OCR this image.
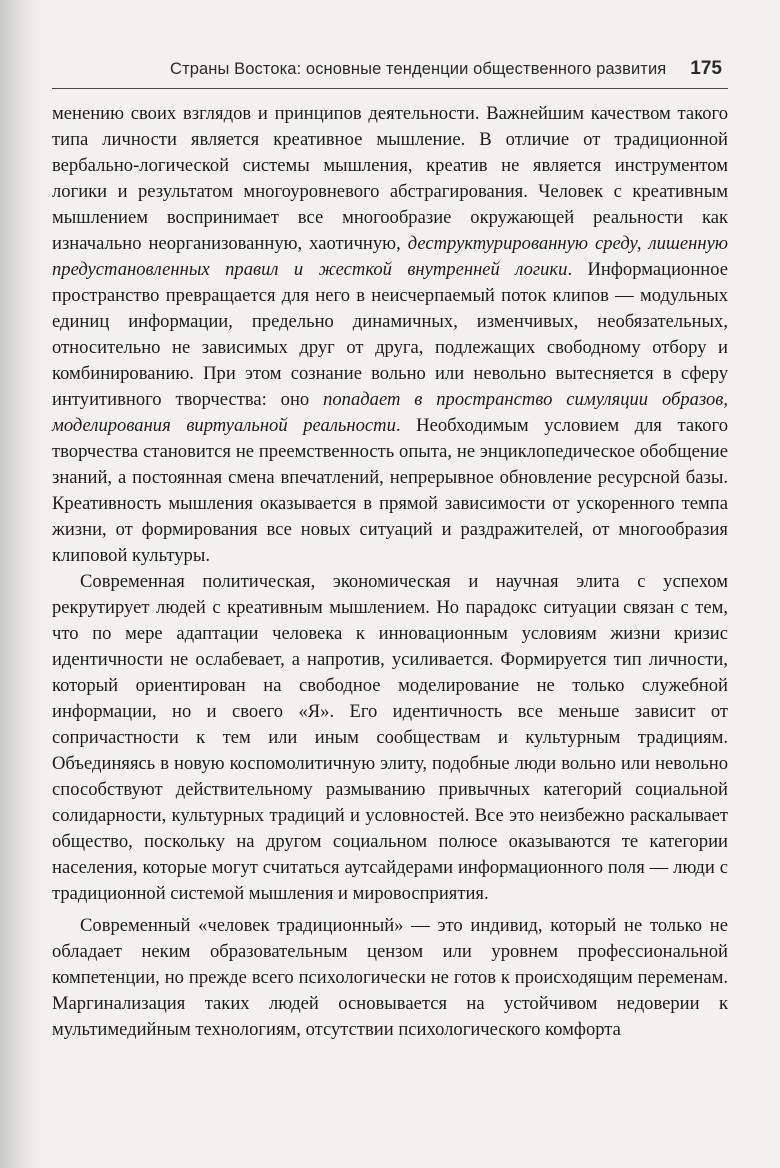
Страны Востока: основные тенденции общественного развития 175

менению своих взглядов и принципов деятельности. Важнейшим качеством такого типа личности является креативное мышление. В отличие от традиционной вербально-логической системы мышления, креатив не является инструментом логики и результатом многоуровневого абстрагирования. Человек с креативным мышлением воспринимает все многообразие окружающей реальности как изначально неорганизованную, хаотичную, деструктурированную среду, лишенную предустановленных правил и жесткой внутренней логики. Информационное пространство превращается для него в неисчерпаемый поток клипов — модульных единиц информации, предельно динамичных, изменчивых, необязательных, относительно не зависимых друг от друга, подлежащих свободному отбору и комбинированию. При этом сознание вольно или невольно вытесняется в сферу интуитивного творчества: оно попадает в пространство симуляции образов, моделирования виртуальной реальности. Необходимым условием для такого творчества становится не преемственность опыта, не энциклопедическое обобщение знаний, а постоянная смена впечатлений, непрерывное обновление ресурсной базы. Креативность мышления оказывается в прямой зависимости от ускоренного темпа жизни, от формирования все новых ситуаций и раздражителей, от многообразия клиповой культуры.

Современная политическая, экономическая и научная элита с успехом рекрутирует людей с креативным мышлением. Но парадокс ситуации связан с тем, что по мере адаптации человека к инновационным условиям жизни кризис идентичности не ослабевает, а напротив, усиливается. Формируется тип личности, который ориентирован на свободное моделирование не только служебной информации, но и своего «Я». Его идентичность все меньше зависит от сопричастности к тем или иным сообществам и культурным традициям. Объединяясь в новую коспомолитичную элиту, подобные люди вольно или невольно способствуют действительному размыванию привычных категорий социальной солидарности, культурных традиций и условностей. Все это неизбежно раскалывает общество, поскольку на другом социальном полюсе оказываются те категории населения, которые могут считаться аутсайдерами информационного поля — люди с традиционной системой мышления и мировосприятия.

Современный «человек традиционный» — это индивид, который не только не обладает неким образовательным цензом или уровнем профессиональной компетенции, но прежде всего психологически не готов к происходящим переменам. Маргинализация таких людей основывается на устойчивом недоверии к мультимедийным технологиям, отсутствии психологического комфорта
